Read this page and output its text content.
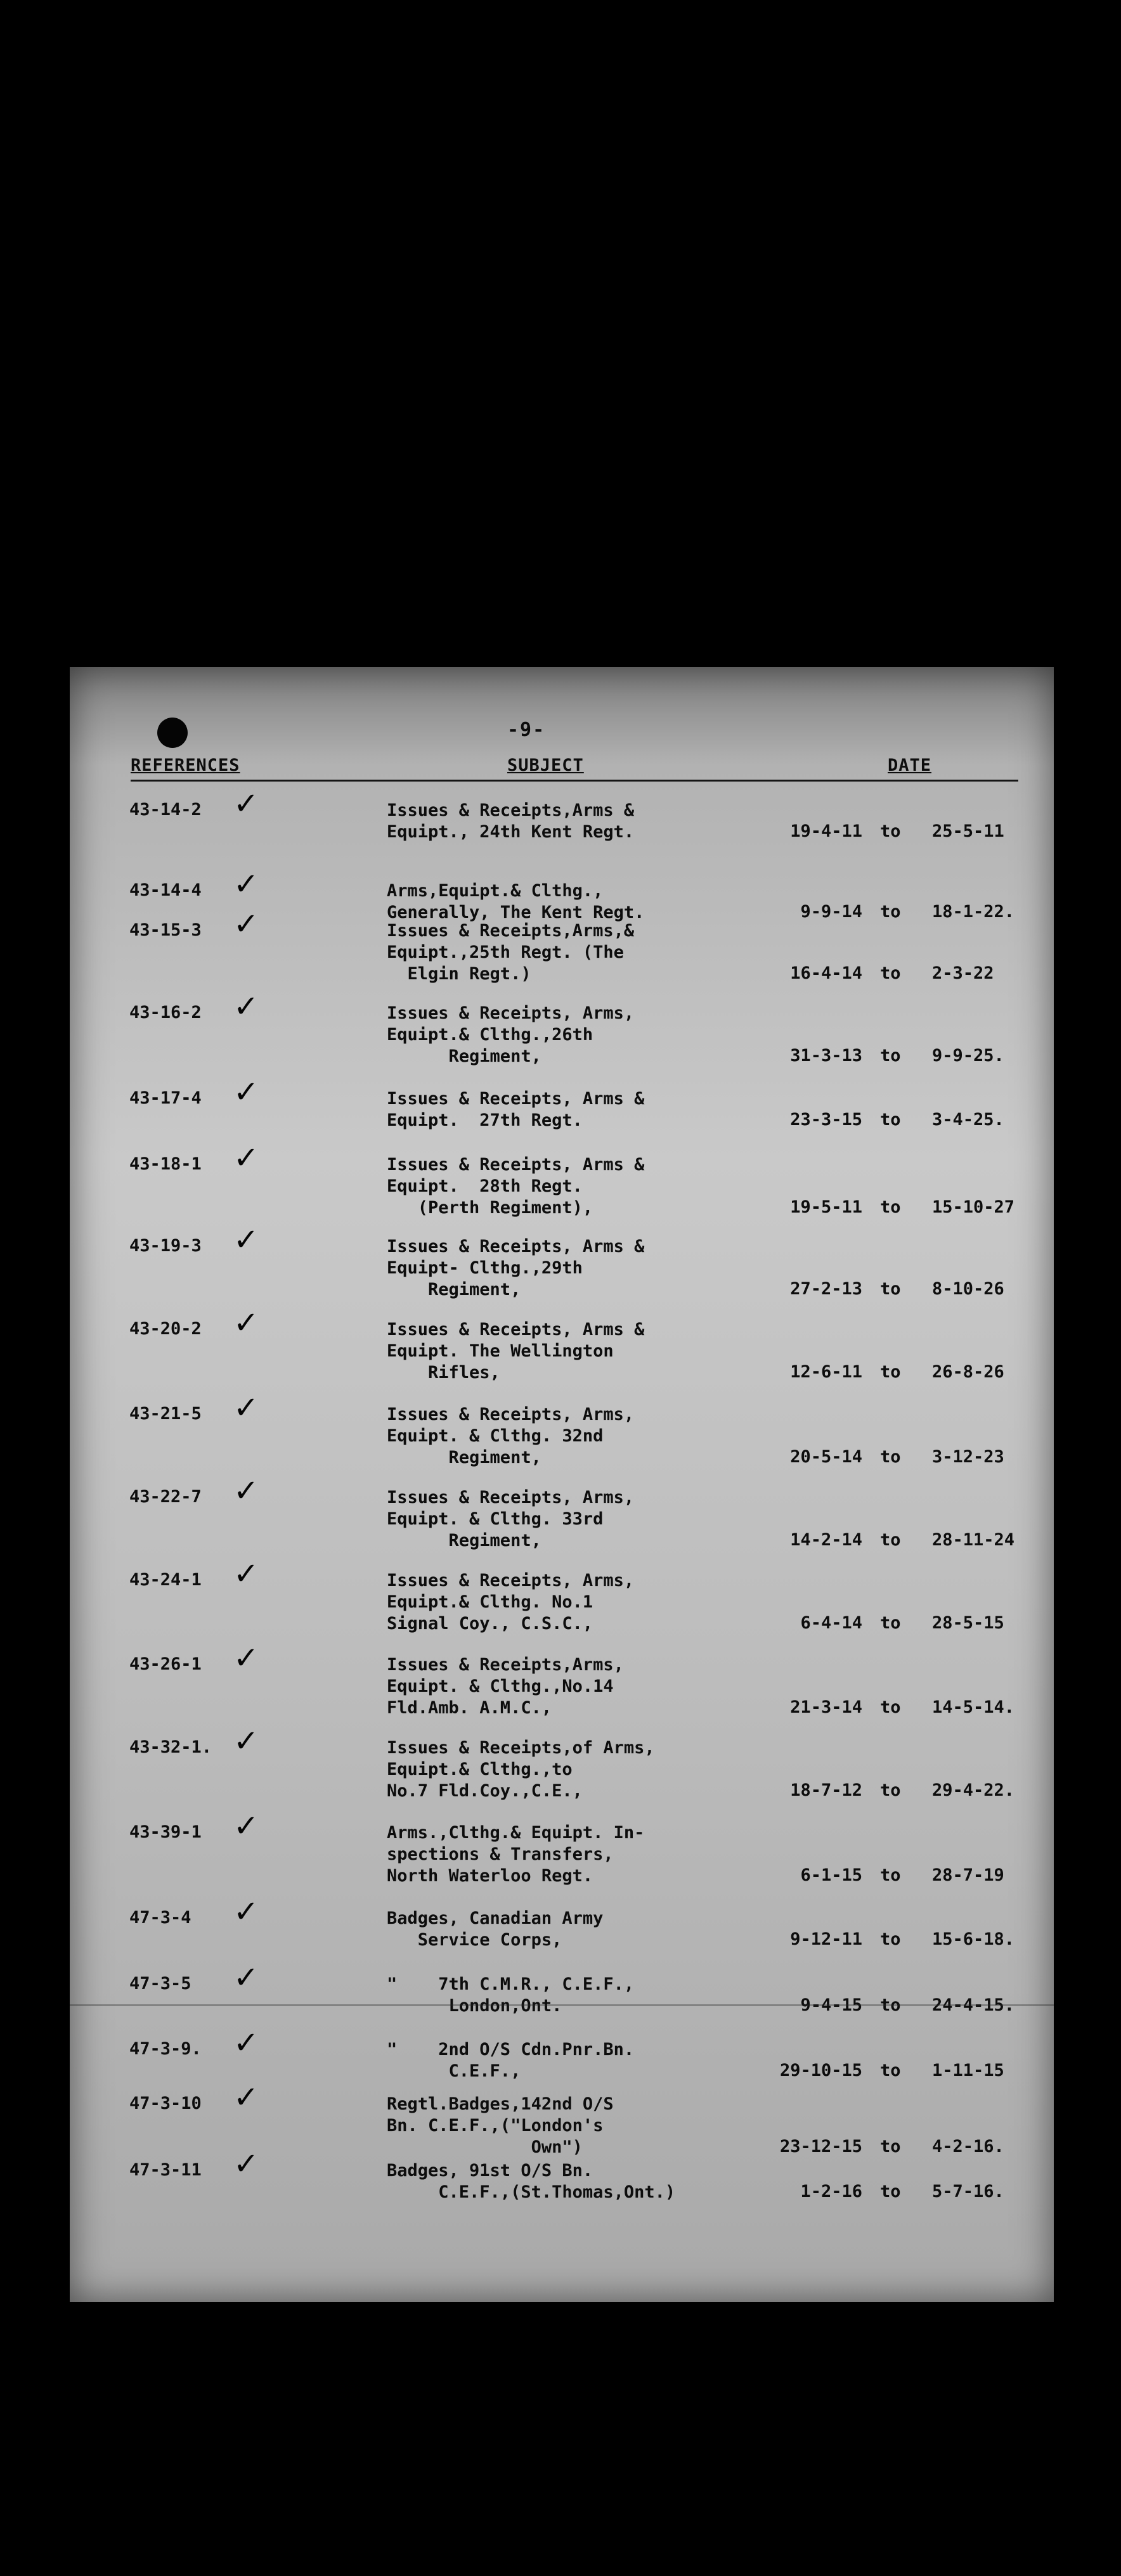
-9-
REFERENCES	SUBJECT	DATE
43-14-2 ✓	Issues & Receipts,Arms &
Equipt., 24th Kent Regt.	19-4-11 to 25-5-11
43-14-4 ✓	Arms,Equipt.& Clthg.,
Generally, The Kent Regt.	9-9-14 to 18-1-22.
43-15-3 ✓	Issues & Receipts,Arms,&
Equipt.,25th Regt. (The
Elgin Regt.)	16-4-14 to 2-3-22
43-16-2 ✓	Issues & Receipts, Arms,
Equipt.& Clthg.,26th
Regiment,	31-3-13 to 9-9-25.
43-17-4 ✓	Issues & Receipts, Arms &
Equipt.  27th Regt.	23-3-15 to 3-4-25.
43-18-1 ✓	Issues & Receipts, Arms &
Equipt.  28th Regt.
(Perth Regiment),	19-5-11 to 15-10-27
43-19-3 ✓	Issues & Receipts, Arms &
Equipt- Clthg.,29th
Regiment,	27-2-13 to 8-10-26
43-20-2 ✓	Issues & Receipts, Arms &
Equipt. The Wellington
Rifles,	12-6-11 to 26-8-26
43-21-5 ✓	Issues & Receipts, Arms,
Equipt. & Clthg. 32nd
Regiment,	20-5-14 to 3-12-23
43-22-7 ✓	Issues & Receipts, Arms,
Equipt. & Clthg. 33rd
Regiment,	14-2-14 to 28-11-24
43-24-1 ✓	Issues & Receipts, Arms,
Equipt.& Clthg. No.1
Signal Coy., C.S.C.,	6-4-14 to 28-5-15
43-26-1 ✓	Issues & Receipts,Arms,
Equipt. & Clthg.,No.14
Fld.Amb. A.M.C.,	21-3-14 to 14-5-14.
43-32-1. ✓	Issues & Receipts,of Arms,
Equipt.& Clthg.,to
No.7 Fld.Coy.,C.E.,	18-7-12 to 29-4-22.
43-39-1 ✓	Arms.,Clthg.& Equipt. In-
spections & Transfers,
North Waterloo Regt.	6-1-15 to 28-7-19
47-3-4 ✓	Badges, Canadian Army
Service Corps,	9-12-11 to 15-6-18.
47-3-5 ✓	"    7th C.M.R., C.E.F.,
London,Ont.	9-4-15 to 24-4-15.
47-3-9. ✓	"    2nd O/S Cdn.Pnr.Bn.
C.E.F.,	29-10-15 to 1-11-15
47-3-10 ✓	Regtl.Badges,142nd O/S
Bn. C.E.F.,("London's
Own")	23-12-15 to 4-2-16.
47-3-11 ✓	Badges, 91st O/S Bn.
C.E.F.,(St.Thomas,Ont.)	1-2-16 to 5-7-16.
